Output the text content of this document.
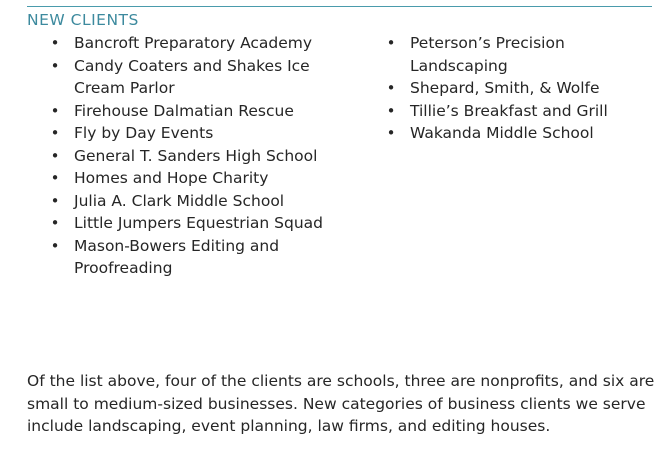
NEW CLIENTS
• Bancroft Preparatory Academy
• Candy Coaters and Shakes Ice Cream Parlor
• Firehouse Dalmatian Rescue
• Fly by Day Events
• General T. Sanders High School
• Homes and Hope Charity
• Julia A. Clark Middle School
• Little Jumpers Equestrian Squad
• Mason-Bowers Editing and Proofreading
• Peterson’s Precision Landscaping
• Shepard, Smith, & Wolfe
• Tillie’s Breakfast and Grill
• Wakanda Middle School

Of the list above, four of the clients are schools, three are nonprofits, and six are small to medium-sized businesses. New categories of business clients we serve include landscaping, event planning, law firms, and editing houses.
